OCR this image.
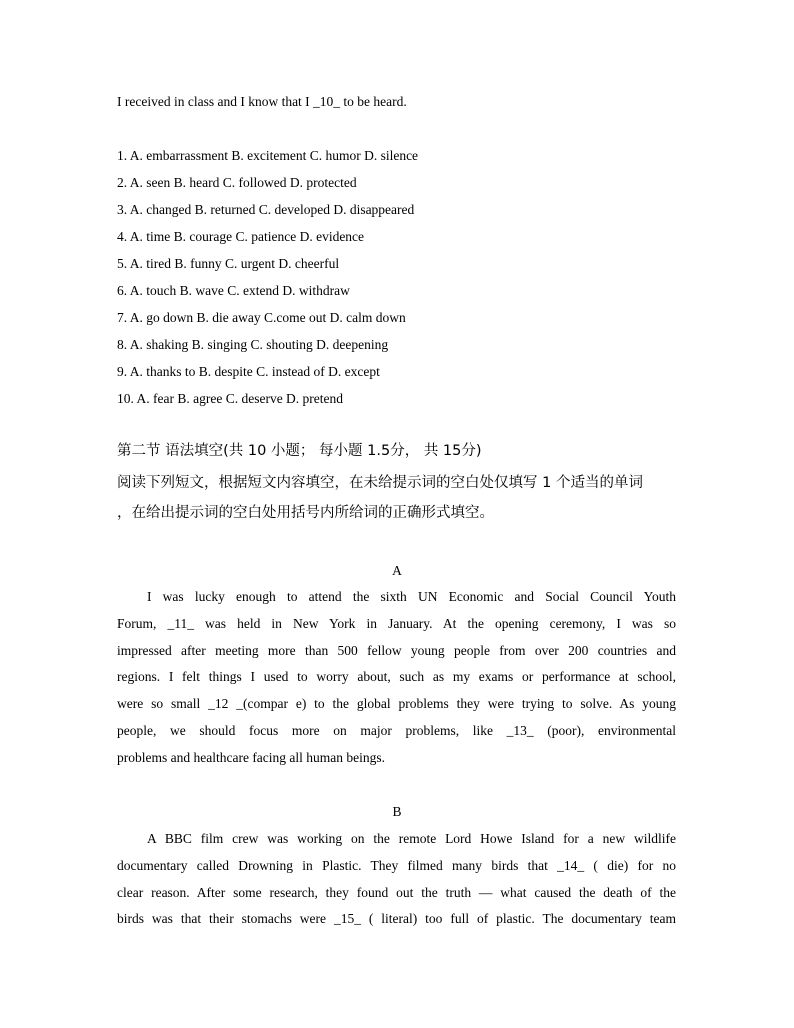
I received in class and I know that I _10_ to be heard.

1. A. embarrassment B. excitement C. humor D. silence

2. A. seen B. heard C. followed D. protected

3. A. changed B. returned C. developed D. disappeared

4. A. time B. courage C. patience D. evidence

5. A. tired B. funny C. urgent D. cheerful

6. A. touch B. wave C. extend D. withdraw

7. A. go down B. die away C.come out D. calm down

8. A. shaking B. singing C. shouting D. deepening

9. A. thanks to B. despite C. instead of D. except

10. A. fear B. agree C. deserve D. pretend

第二节 语法填空(共 10 小题； 每小题 1.5分， 共 15分)

阅读下列短文，根据短文内容填空，在未给提示词的空白处仅填写 1 个适当的单词

，在给出提示词的空白处用括号内所给词的正确形式填空。

A

I was lucky enough to attend the sixth UN Economic and Social Council Youth
Forum, _11_ was held in New York in January. At the opening ceremony, I was so
impressed after meeting more than 500 fellow young people from over 200 countries and
regions. I felt things I used to worry about, such as my exams or performance at school,
were so small _12 _(compar e) to the global problems they were trying to solve. As young
people, we should focus more on major problems, like _13_ (poor), environmental
problems and healthcare facing all human beings.

B

A BBC film crew was working on the remote Lord Howe Island for a new wildlife
documentary called Drowning in Plastic. They filmed many birds that _14_ ( die) for no
clear reason. After some research, they found out the truth — what caused the death of the
birds was that their stomachs were _15_ ( literal) too full of plastic. The documentary team
